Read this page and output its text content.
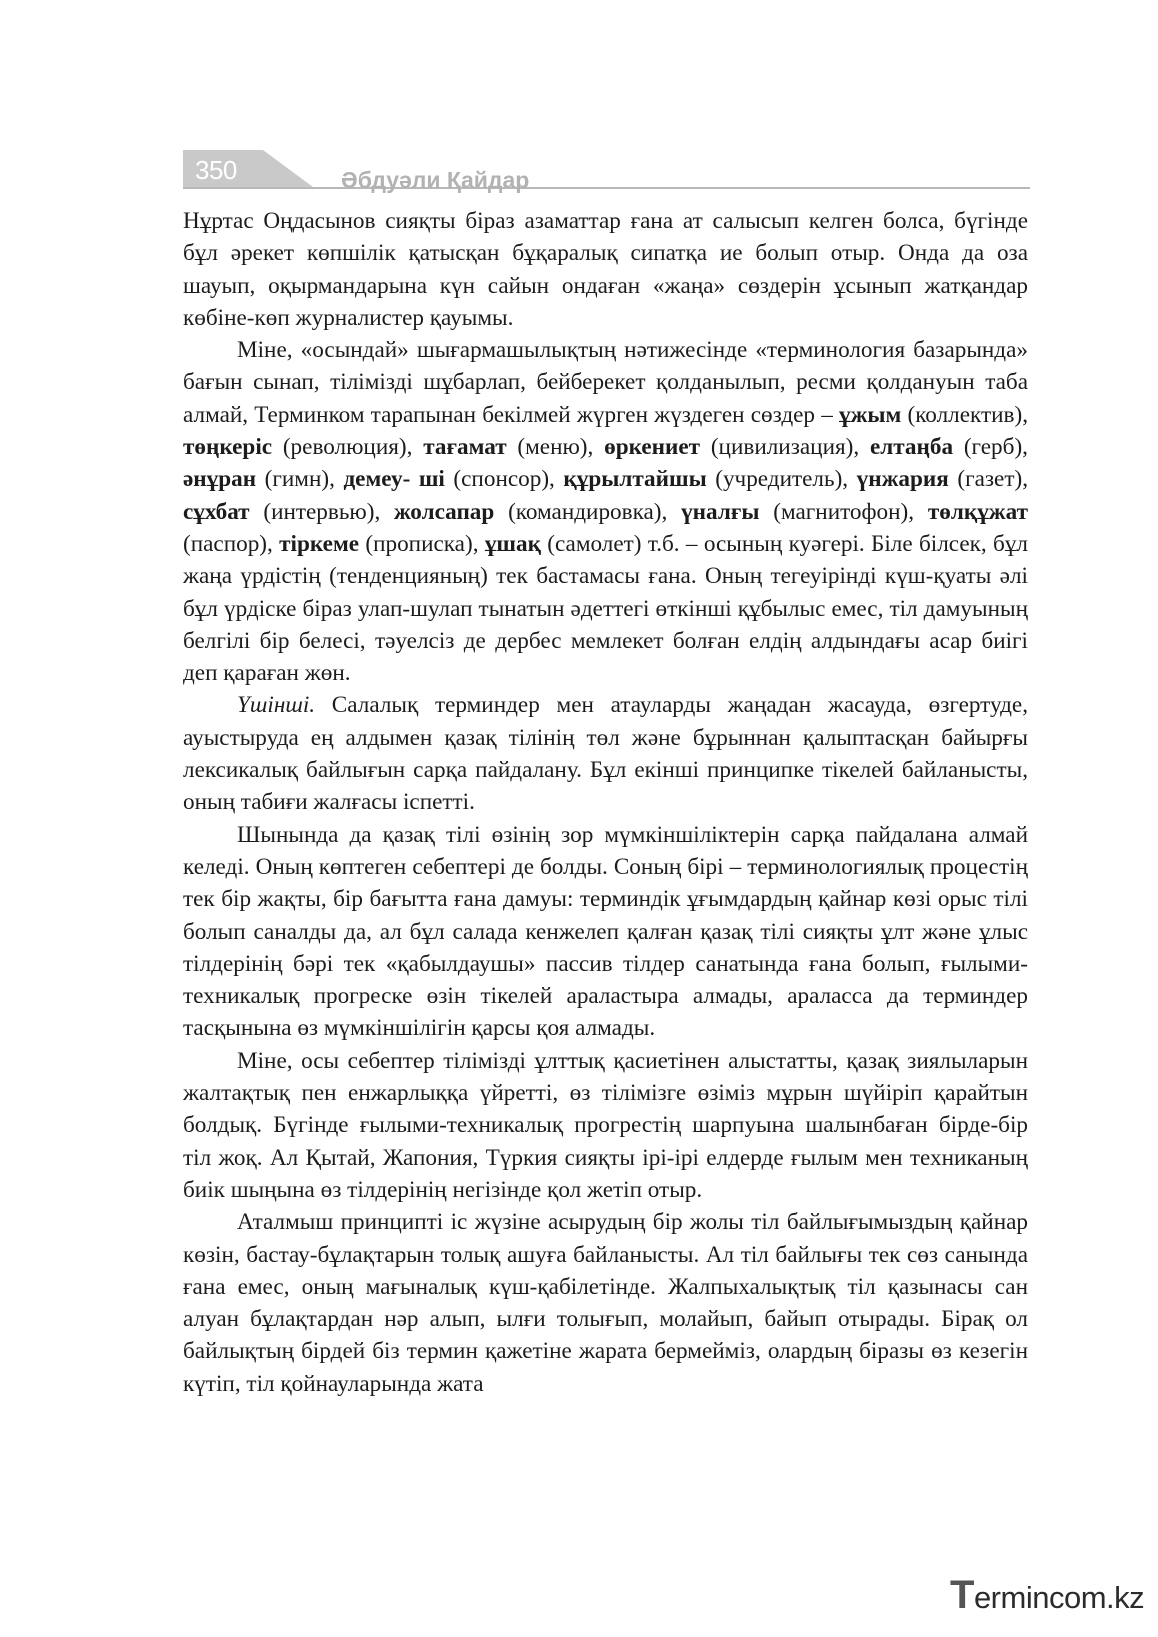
350	Әбдуәли Қайдар

Нұртас Оңдасынов сияқты біраз азаматтар ғана ат салысып келген болса, бүгінде бұл әрекет көпшілік қатысқан бұқаралық сипатқа ие болып отыр. Онда да оза шауып, оқырмандарына күн сайын ондаған «жаңа» сөздерін ұсынып жатқандар көбіне-көп журналистер қауымы.

Міне, «осындай» шығармашылықтың нәтижесінде «терминология базарында» бағын сынап, тілімізді шұбарлап, бейберекет қолданылып, ресми қолдануын таба алмай, Терминком тарапынан бекілмей жүрген жүздеген сөздер – ұжым (коллектив), төңкеріс (революция), тағамат (меню), өркениет (цивилизация), елтаңба (герб), әнұран (гимн), демеу- ші (спонсор), құрылтайшы (учредитель), үнжария (газет), сұхбат (интервью), жолсапар (командировка), үналғы (магнитофон), төлқұжат (паспор), тіркеме (прописка), ұшақ (самолет) т.б. – осының куәгері. Біле білсек, бұл жаңа үрдістің (тенденцияның) тек бастамасы ғана. Оның тегеуірінді күш-қуаты әлі бұл үрдіске біраз улап-шулап тынатын әдеттегі өткінші құбылыс емес, тіл дамуының белгілі бір белесі, тәуелсіз де дербес мемлекет болған елдің алдындағы асар биігі деп қараған жөн.

Үшінші. Салалық терминдер мен атауларды жаңадан жасауда, өзгертуде, ауыстыруда ең алдымен қазақ тілінің төл және бұрыннан қалыптасқан байырғы лексикалық байлығын сарқа пайдалану. Бұл екінші принципке тікелей байланысты, оның табиғи жалғасы іспетті.

Шынында да қазақ тілі өзінің зор мүмкіншіліктерін сарқа пайдалана алмай келеді. Оның көптеген себептері де болды. Соның бірі – терминологиялық процестің тек бір жақты, бір бағытта ғана дамуы: терминдік ұғымдардың қайнар көзі орыс тілі болып саналды да, ал бұл салада кенжелеп қалған қазақ тілі сияқты ұлт және ұлыс тілдерінің бәрі тек «қабылдаушы» пассив тілдер санатында ғана болып, ғылыми- техникалық прогреске өзін тікелей араластыра алмады, араласса да терминдер тасқынына өз мүмкіншілігін қарсы қоя алмады.

Міне, осы себептер тілімізді ұлттық қасиетінен алыстатты, қазақ зиялыларын жалтақтық пен енжарлыққа үйретті, өз тілімізге өзіміз мұрын шүйіріп қарайтын болдық. Бүгінде ғылыми-техникалық прогрестің шарпуына шалынбаған бірде-бір тіл жоқ. Ал Қытай, Жапония, Түркия сияқты ірі-ірі елдерде ғылым мен техниканың биік шыңына өз тілдерінің негізінде қол жетіп отыр.

Аталмыш принципті іс жүзіне асырудың бір жолы тіл байлығымыздың қайнар көзін, бастау-бұлақтарын толық ашуға байланысты. Ал тіл байлығы тек сөз санында ғана емес, оның мағыналық күш-қабілетінде. Жалпыхалықтық тіл қазынасы сан алуан бұлақтардан нәр алып, ылғи толығып, молайып, байып отырады. Бірақ ол байлықтың бірдей біз термин қажетіне жарата бермейміз, олардың біразы өз кезегін күтіп, тіл қойнауларында жата

Termincom.kz
